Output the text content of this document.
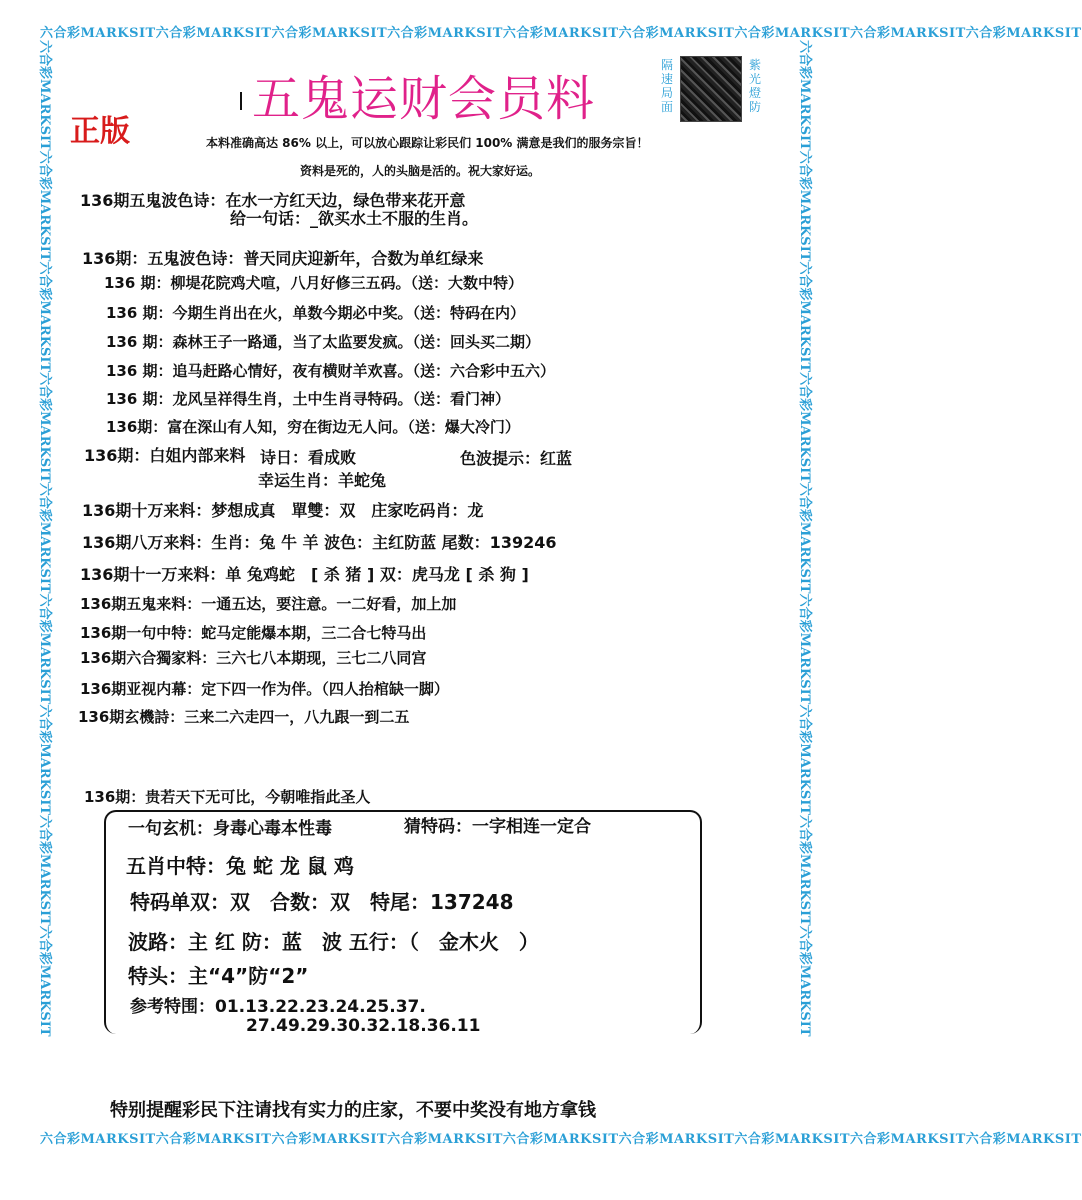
六合彩MARKSIT六合彩MARKSIT六合彩MARKSIT六合彩MARKSIT六合彩MARKSIT六合彩MARKSIT六合彩MARKSIT六合彩MARKSIT六合彩MARKSIT
六合彩MARKSIT六合彩MARKSIT六合彩MARKSIT六合彩MARKSIT六合彩MARKSIT六合彩MARKSIT六合彩MARKSIT六合彩MARKSIT六合彩MARKSIT
六合彩MARKSIT六合彩MARKSIT六合彩MARKSIT六合彩MARKSIT六合彩MARKSIT六合彩MARKSIT六合彩MARKSIT六合彩MARKSIT六合彩MARKSIT	六合彩MARKSIT六合彩MARKSIT六合彩MARKSIT六合彩MARKSIT六合彩MARKSIT六合彩MARKSIT六合彩MARKSIT六合彩MARKSIT六合彩MARKSIT
五鬼运财会员料
正版
隔速局面
紫光燈防
本料准确高达 86% 以上，可以放心跟踪让彩民们 100% 满意是我们的服务宗旨！
资料是死的，人的头脑是活的。祝大家好运。
136期五鬼波色诗：在水一方红天边，绿色带来花开意
给一句话：_欲买水土不服的生肖。
136期：五鬼波色诗：普天同庆迎新年，合数为单红绿来
136 期：柳堤花院鸡犬喧，八月好修三五码。（送：大数中特）
136 期：今期生肖出在火，单数今期必中奖。（送：特码在内）
136 期：森林王子一路通，当了太监要发疯。（送：回头买二期）
136 期：追马赶路心情好，夜有横财羊欢喜。（送：六合彩中五六）
136 期：龙风呈祥得生肖，土中生肖寻特码。（送：看门神）
136期：富在深山有人知，穷在街边无人问。（送：爆大冷门）
136期：白姐内部来料 诗日：看成败	色波提示：红蓝
幸运生肖：羊蛇兔
136期十万来料：梦想成真　單雙：双　庄家吃码肖：龙
136期八万来料：生肖：兔 牛 羊 波色：主红防蓝 尾数：139246
136期十一万来料：单 兔鸡蛇　[ 杀 猪 ] 双：虎马龙 [ 杀 狗 ]
136期五鬼来料：一通五达，要注意。一二好看，加上加
136期一句中特：蛇马定能爆本期，三二合七特马出
136期六合獨家料：三六七八本期现，三七二八同宫
136期亚视内幕：定下四一作为伴。（四人抬棺缺一脚）
136期玄機詩：三来二六走四一，八九跟一到二五
136期：贵若天下无可比，今朝唯指此圣人
一句玄机：身毒心毒本性毒	猜特码：一字相连一定合
五肖中特：兔 蛇 龙 鼠 鸡
特码单双：双　合数：双　特尾：137248
波路：主 红 防：蓝　波 五行：（　金木火　）
特头：主“4”防“2”
参考特围：01.13.22.23.24.25.37.
27.49.29.30.32.18.36.11
特别提醒彩民下注请找有实力的庄家，不要中奖没有地方拿钱
